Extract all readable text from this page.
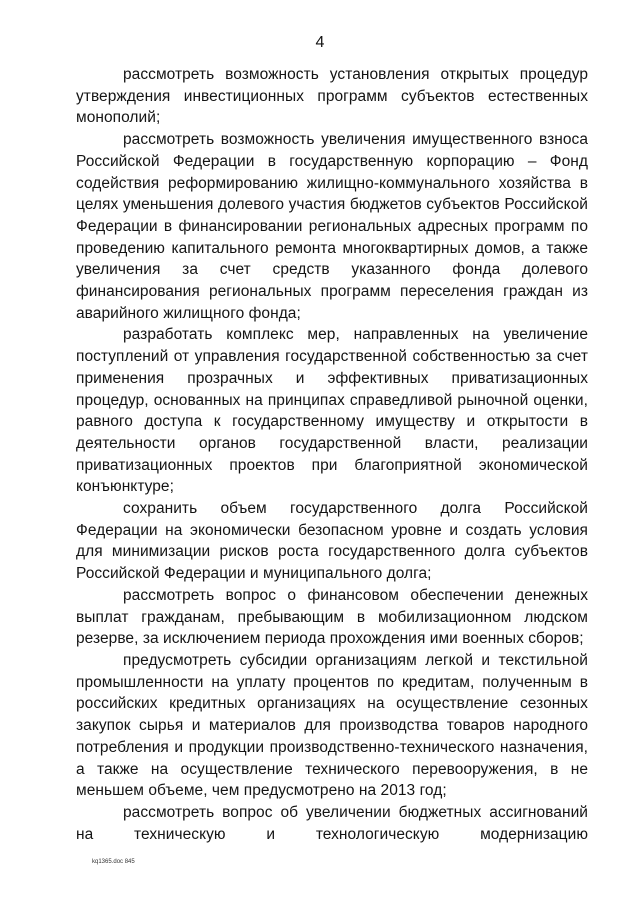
4

рассмотреть возможность установления открытых процедур утверждения инвестиционных программ субъектов естественных монополий;

рассмотреть возможность увеличения имущественного взноса Российской Федерации в государственную корпорацию – Фонд содействия реформированию жилищно-коммунального хозяйства в целях уменьшения долевого участия бюджетов субъектов Российской Федерации в финансировании региональных адресных программ по проведению капитального ремонта многоквартирных домов, а также увеличения за счет средств указанного фонда долевого финансирования региональных программ переселения граждан из аварийного жилищного фонда;

разработать комплекс мер, направленных на увеличение поступлений от управления государственной собственностью за счет применения прозрачных и эффективных приватизационных процедур, основанных на принципах справедливой рыночной оценки, равного доступа к государственному имуществу и открытости в деятельности органов государственной власти, реализации приватизационных проектов при благоприятной экономической конъюнктуре;

сохранить объем государственного долга Российской Федерации на экономически безопасном уровне и создать условия для минимизации рисков роста государственного долга субъектов Российской Федерации и муниципального долга;

рассмотреть вопрос о финансовом обеспечении денежных выплат гражданам, пребывающим в мобилизационном людском резерве, за исключением периода прохождения ими военных сборов;

предусмотреть субсидии организациям легкой и текстильной промышленности на уплату процентов по кредитам, полученным в российских кредитных организациях на осуществление сезонных закупок сырья и материалов для производства товаров народного потребления и продукции производственно-технического назначения, а также на осуществление технического перевооружения, в не меньшем объеме, чем предусмотрено на 2013 год;

рассмотреть вопрос об увеличении бюджетных ассигнований на техническую и технологическую модернизацию

kq1365.doc 845
